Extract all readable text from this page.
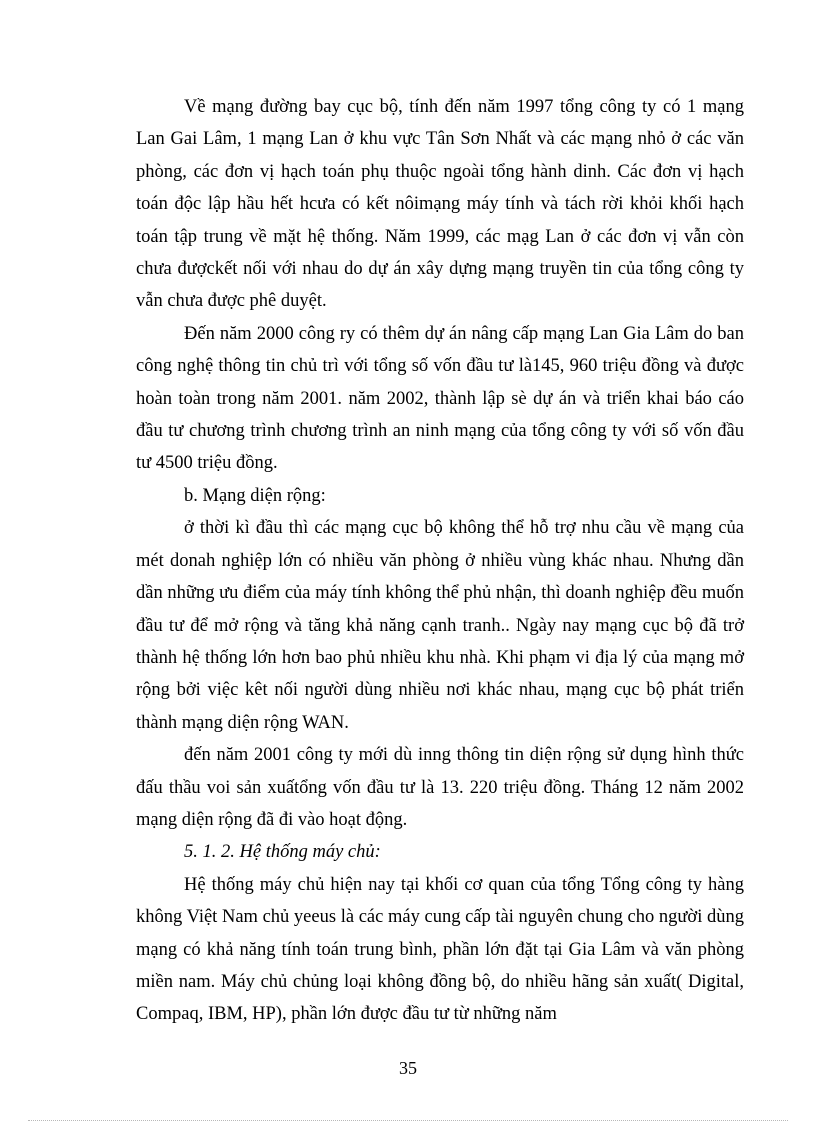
Về mạng đường bay cục bộ, tính đến năm 1997 tổng công ty có 1 mạng Lan Gai Lâm, 1 mạng Lan ở khu vực Tân Sơn Nhất và các mạng nhỏ ở các văn phòng, các đơn vị hạch toán phụ thuộc ngoài tổng hành dinh. Các đơn vị hạch toán độc lập hầu hết hcưa có kết nôimạng máy tính và tách rời khỏi khối hạch toán tập trung về mặt hệ thống. Năm 1999, các mạg Lan ở các đơn vị vẫn còn chưa đượckết nối với nhau do dự án xây dựng mạng truyền tin của tổng công ty vẫn chưa được phê duyệt.

Đến năm 2000 công ry có thêm dự án nâng cấp mạng Lan Gia Lâm do ban công nghệ thông tin chủ trì với tổng số vốn đầu tư là145, 960 triệu đồng và được hoàn toàn trong năm 2001. năm 2002, thành lập sè dự án và triển khai báo cáo đầu tư chương trình chương trình an ninh mạng của tổng công ty với số vốn đầu tư 4500 triệu đồng.

b. Mạng diện rộng:

ở thời kì đầu thì các mạng cục bộ không thể hỗ trợ nhu cầu về mạng của mét donah nghiệp lớn có nhiều văn phòng ở nhiều vùng khác nhau. Nhưng dần dần những ưu điểm của máy tính không thể phủ nhận, thì doanh nghiệp đều muốn đầu tư để mở rộng và tăng khả năng cạnh tranh.. Ngày nay mạng cục bộ đã trở thành hệ thống lớn hơn bao phủ nhiều khu nhà. Khi phạm vi địa lý của mạng mở rộng bởi việc kêt nối người dùng nhiều nơi khác nhau, mạng cục bộ phát triển thành mạng diện rộng WAN.

đến năm 2001 công ty mới dù inng thông tin diện rộng sử dụng hình thức đấu thầu voi sản xuấtổng vốn đầu tư là 13. 220 triệu đồng. Tháng 12 năm 2002 mạng diện rộng đã đi vào hoạt động.

5. 1. 2. Hệ thống máy chủ:

Hệ thống máy chủ hiện nay tại khối cơ quan của tổng Tổng công ty hàng không Việt Nam chủ yeeus là các máy cung cấp tài nguyên chung cho người dùng mạng có khả năng tính toán trung bình, phần lớn đặt tại Gia Lâm và văn phòng miền nam. Máy chủ chủng loại không đồng bộ, do nhiều hãng sản xuất( Digital, Compaq, IBM, HP), phần lớn được đầu tư từ những năm

35
